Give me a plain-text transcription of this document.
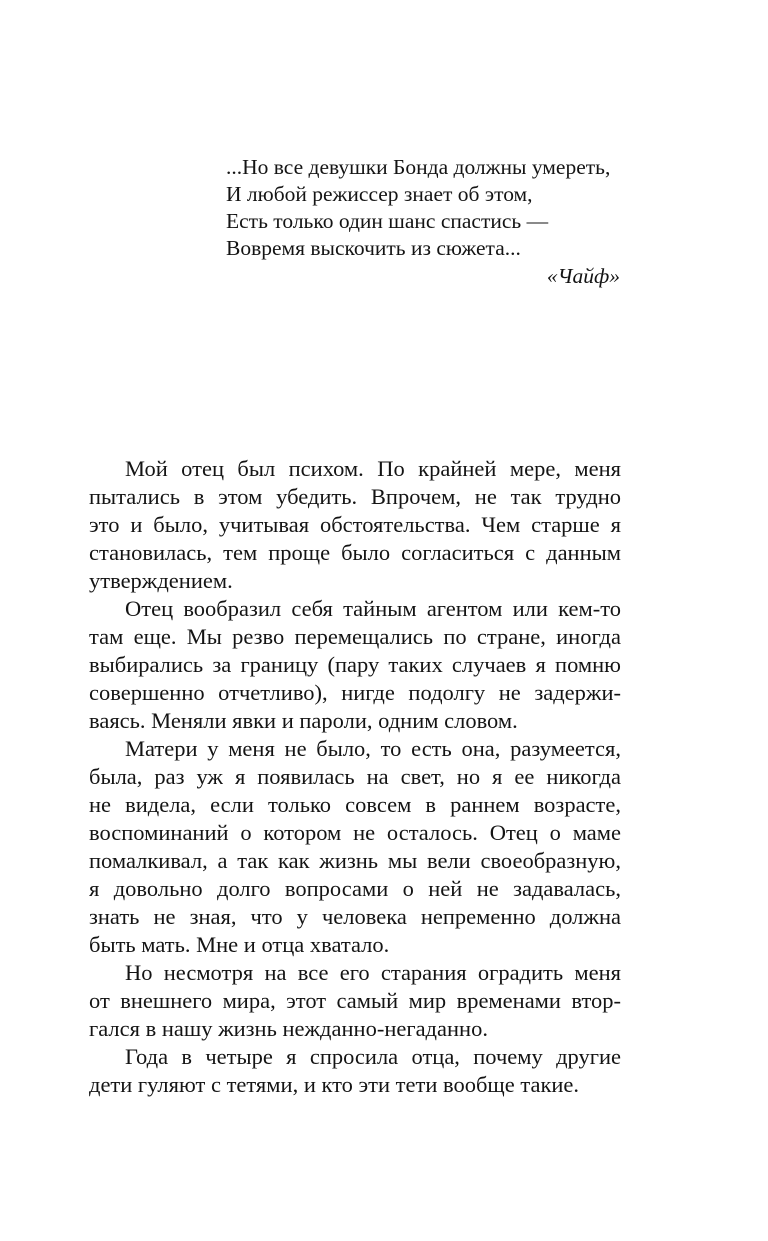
...Но все девушки Бонда должны умереть,
И любой режиссер знает об этом,
Есть только один шанс спастись —
Вовремя выскочить из сюжета...
«Чайф»
Мой отец был психом. По крайней мере, меня
пытались в этом убедить. Впрочем, не так трудно
это и было, учитывая обстоятельства. Чем старше я
становилась, тем проще было согласиться с данным
утверждением.
Отец вообразил себя тайным агентом или кем-то
там еще. Мы резво перемещались по стране, иногда
выбирались за границу (пару таких случаев я помню
совершенно отчетливо), нигде подолгу не задержи-
ваясь. Меняли явки и пароли, одним словом.
Матери у меня не было, то есть она, разумеется,
была, раз уж я появилась на свет, но я ее никогда
не видела, если только совсем в раннем возрасте,
воспоминаний о котором не осталось. Отец о маме
помалкивал, а так как жизнь мы вели своеобразную,
я довольно долго вопросами о ней не задавалась,
знать не зная, что у человека непременно должна
быть мать. Мне и отца хватало.
Но несмотря на все его старания оградить меня
от внешнего мира, этот самый мир временами втор-
гался в нашу жизнь нежданно-негаданно.
Года в четыре я спросила отца, почему другие
дети гуляют с тетями, и кто эти тети вообще такие.
